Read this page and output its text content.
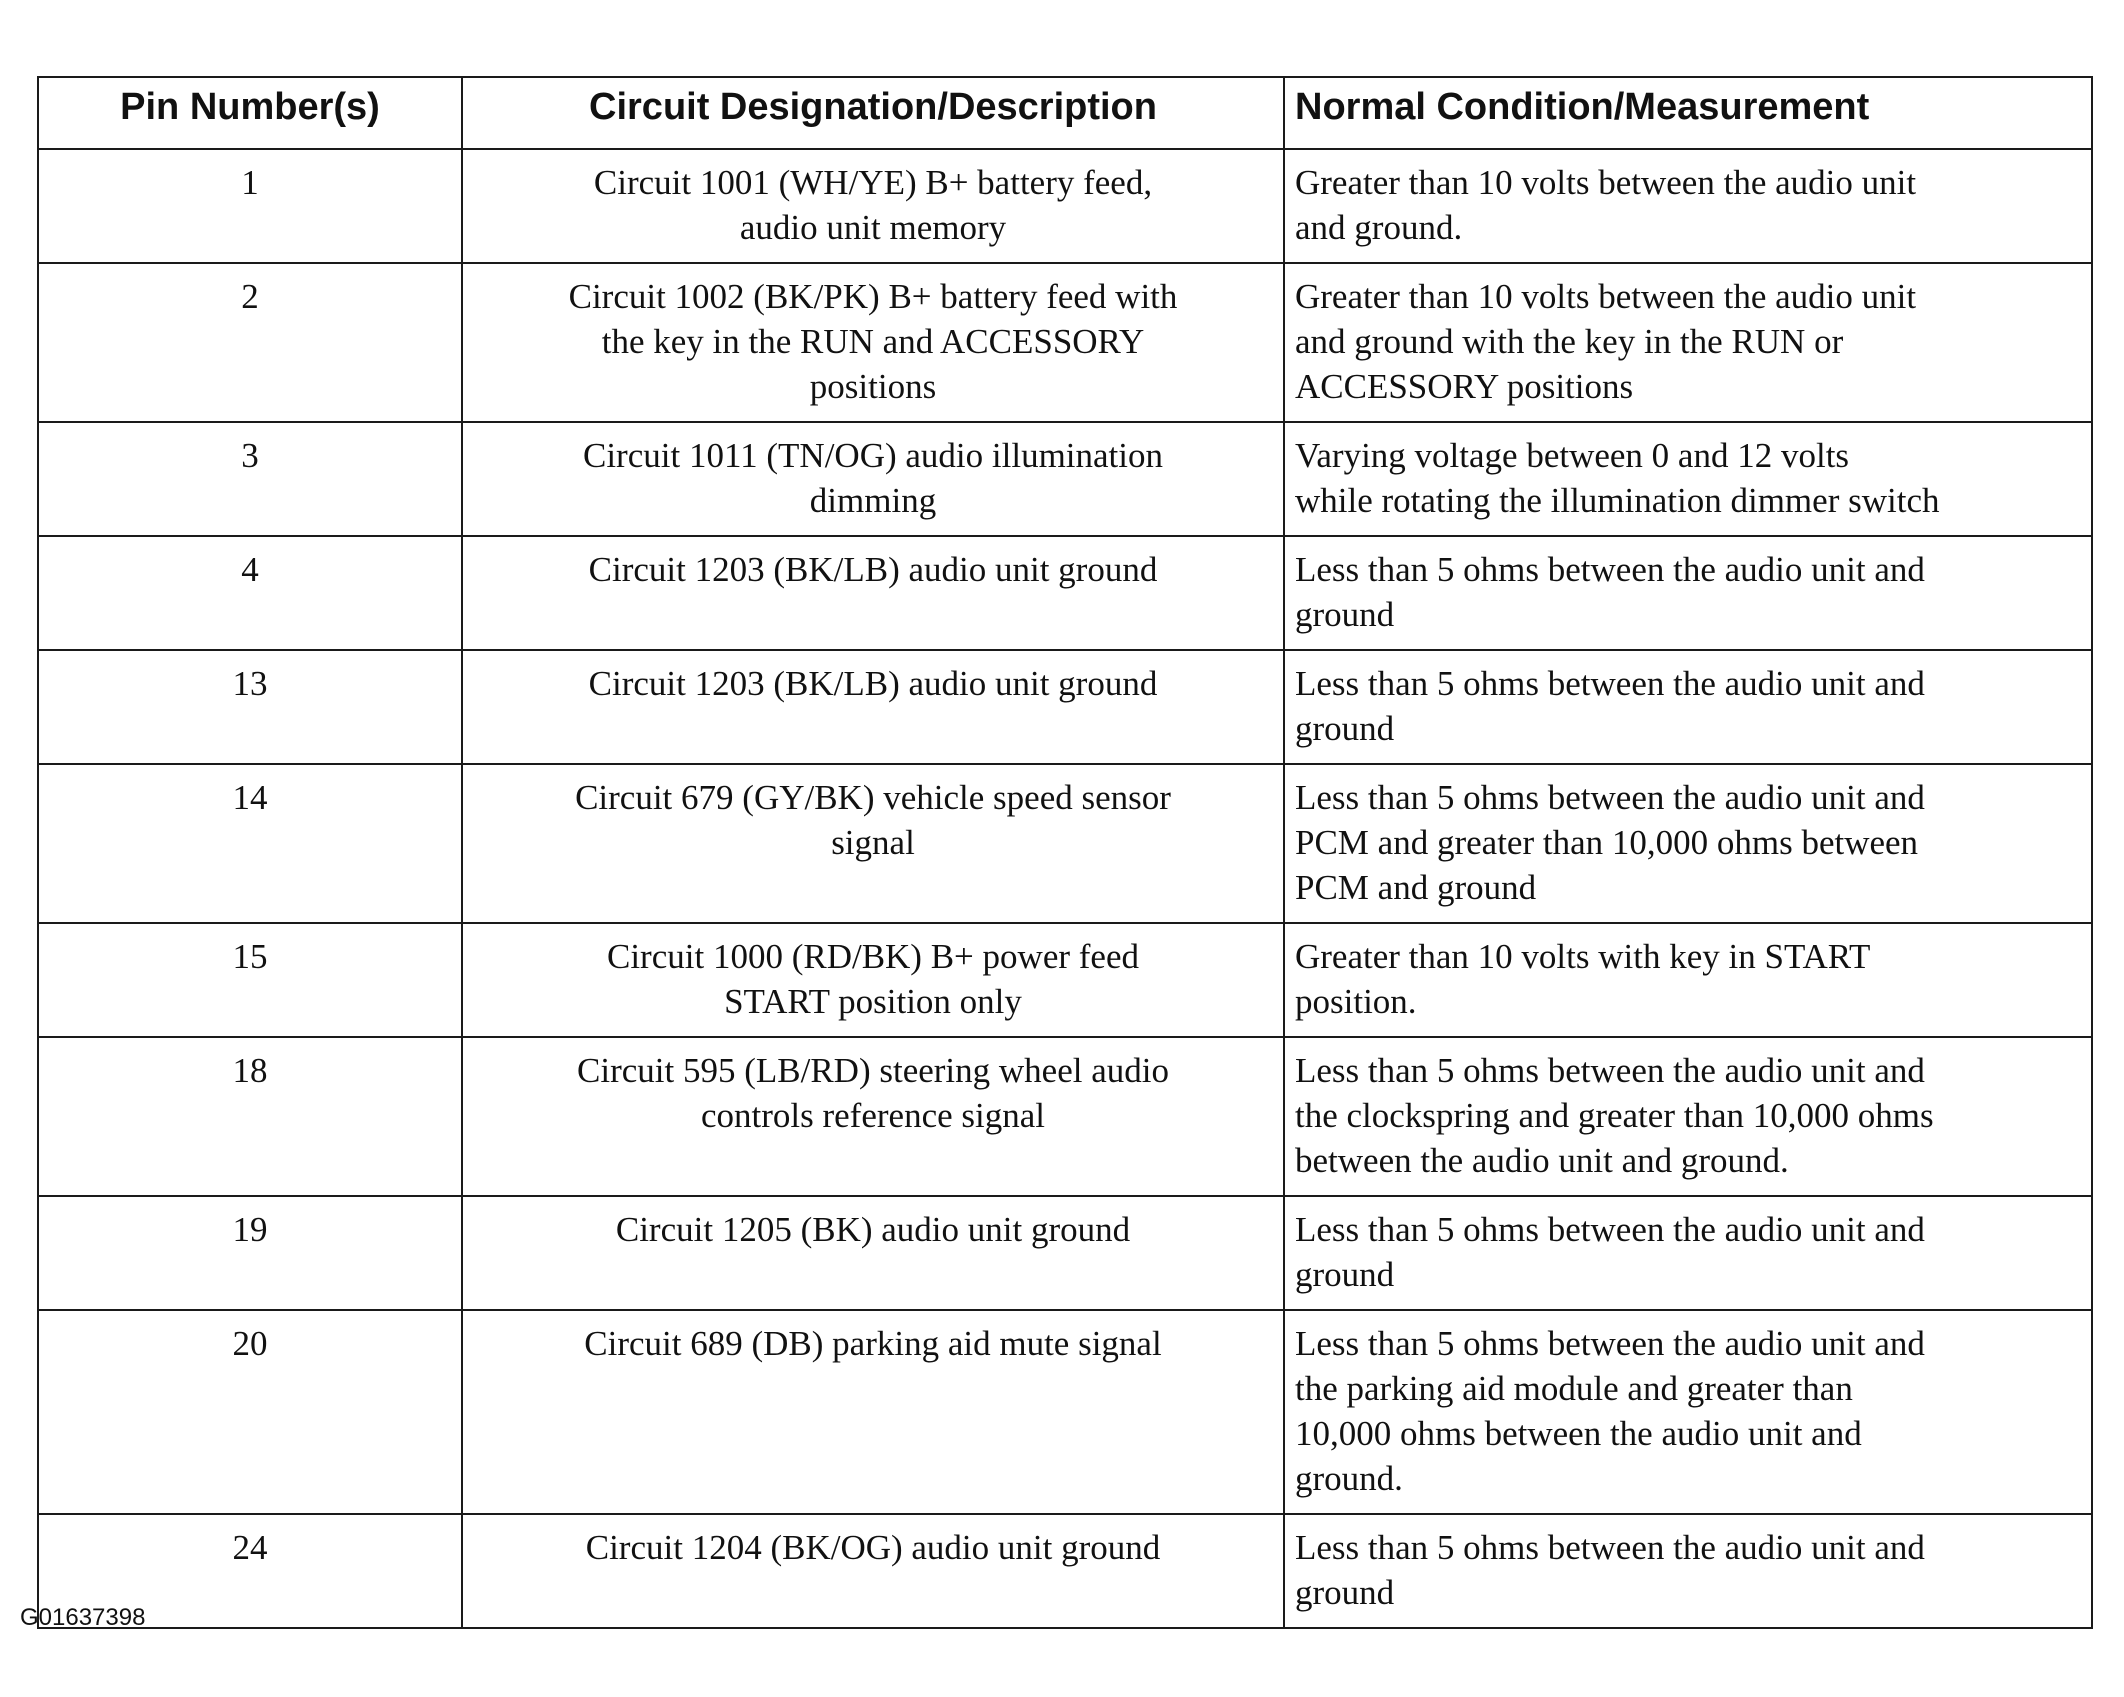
Pin Number(s)	Circuit Designation/Description	Normal Condition/Measurement
1	Circuit 1001 (WH/YE) B+ battery feed,
audio unit memory	Greater than 10 volts between the audio unit
and ground.

2	Circuit 1002 (BK/PK) B+ battery feed with
the key in the RUN and ACCESSORY
positions	Greater than 10 volts between the audio unit
and ground with the key in the RUN or
ACCESSORY positions

3	Circuit 1011 (TN/OG) audio illumination
dimming	Varying voltage between 0 and 12 volts
while rotating the illumination dimmer switch

4	Circuit 1203 (BK/LB) audio unit ground	Less than 5 ohms between the audio unit and
ground

13	Circuit 1203 (BK/LB) audio unit ground	Less than 5 ohms between the audio unit and
ground

14	Circuit 679 (GY/BK) vehicle speed sensor
signal	Less than 5 ohms between the audio unit and
PCM and greater than 10,000 ohms between
PCM and ground

15	Circuit 1000 (RD/BK) B+ power feed
START position only	Greater than 10 volts with key in START
position.

18	Circuit 595 (LB/RD) steering wheel audio
controls reference signal	Less than 5 ohms between the audio unit and
the clockspring and greater than 10,000 ohms
between the audio unit and ground.

19	Circuit 1205 (BK) audio unit ground	Less than 5 ohms between the audio unit and
ground

20	Circuit 689 (DB) parking aid mute signal	Less than 5 ohms between the audio unit and
the parking aid module and greater than
10,000 ohms between the audio unit and
ground.

24	Circuit 1204 (BK/OG) audio unit ground	Less than 5 ohms between the audio unit and
ground
G01637398
